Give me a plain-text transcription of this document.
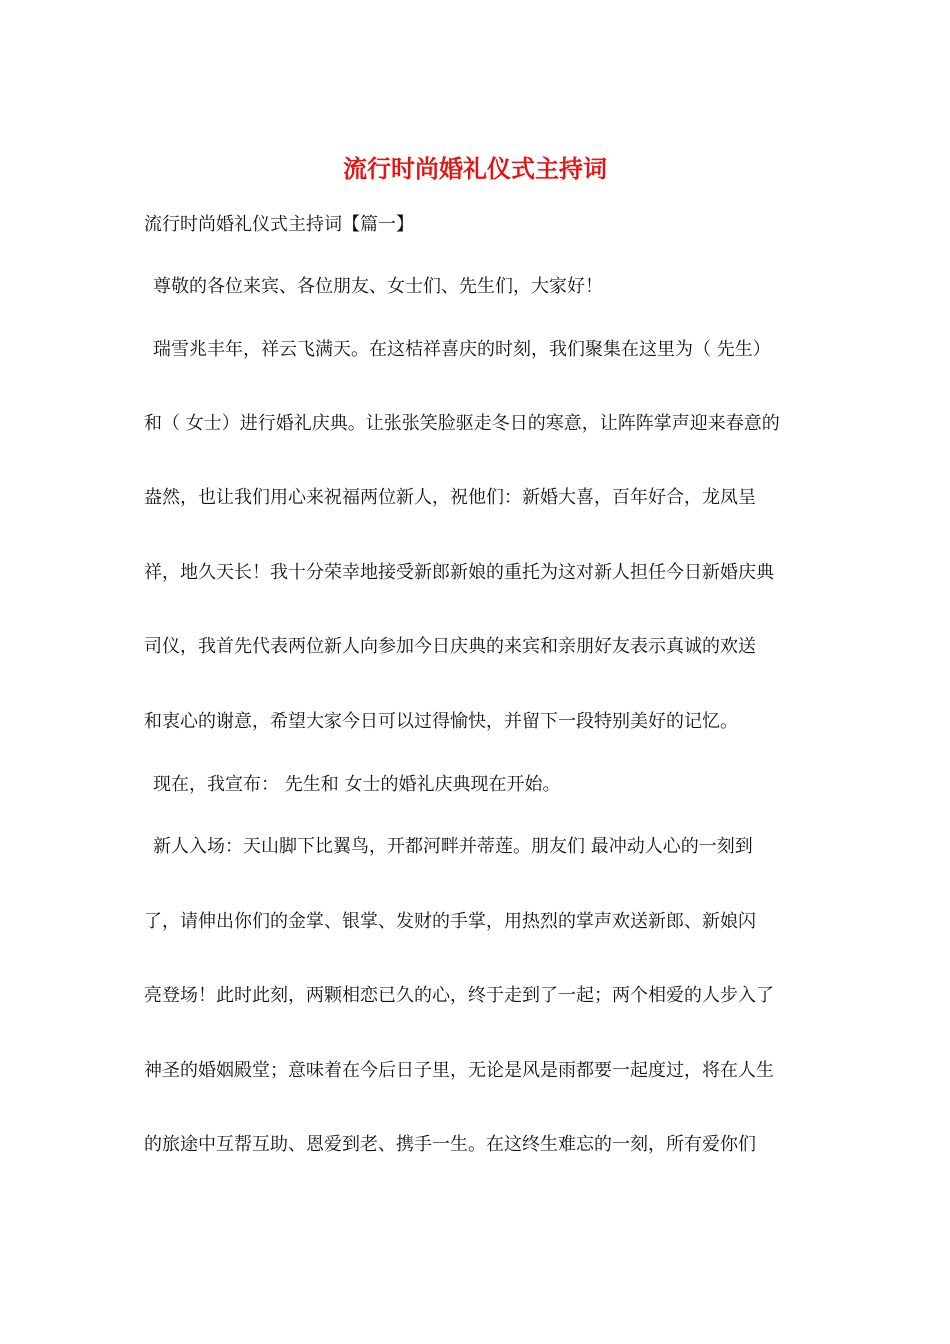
流行时尚婚礼仪式主持词

流行时尚婚礼仪式主持词【篇一】

尊敬的各位来宾、各位朋友、女士们、先生们，大家好！

瑞雪兆丰年，祥云飞满天。在这桔祥喜庆的时刻，我们聚集在这里为（ 先生）

和（ 女士）进行婚礼庆典。让张张笑脸驱走冬日的寒意，让阵阵掌声迎来春意的

盎然，也让我们用心来祝福两位新人，祝他们：新婚大喜，百年好合，龙凤呈

祥，地久天长！我十分荣幸地接受新郎新娘的重托为这对新人担任今日新婚庆典

司仪，我首先代表两位新人向参加今日庆典的来宾和亲朋好友表示真诚的欢送

和衷心的谢意，希望大家今日可以过得愉快，并留下一段特别美好的记忆。

现在，我宣布： 先生和 女士的婚礼庆典现在开始。

新人入场：天山脚下比翼鸟，开都河畔并蒂莲。朋友们 最冲动人心的一刻到

了，请伸出你们的金掌、银掌、发财的手掌，用热烈的掌声欢送新郎、新娘闪

亮登场！此时此刻，两颗相恋已久的心，终于走到了一起；两个相爱的人步入了

神圣的婚姻殿堂；意味着在今后日子里，无论是风是雨都要一起度过，将在人生

的旅途中互帮互助、恩爱到老、携手一生。在这终生难忘的一刻，所有爱你们
